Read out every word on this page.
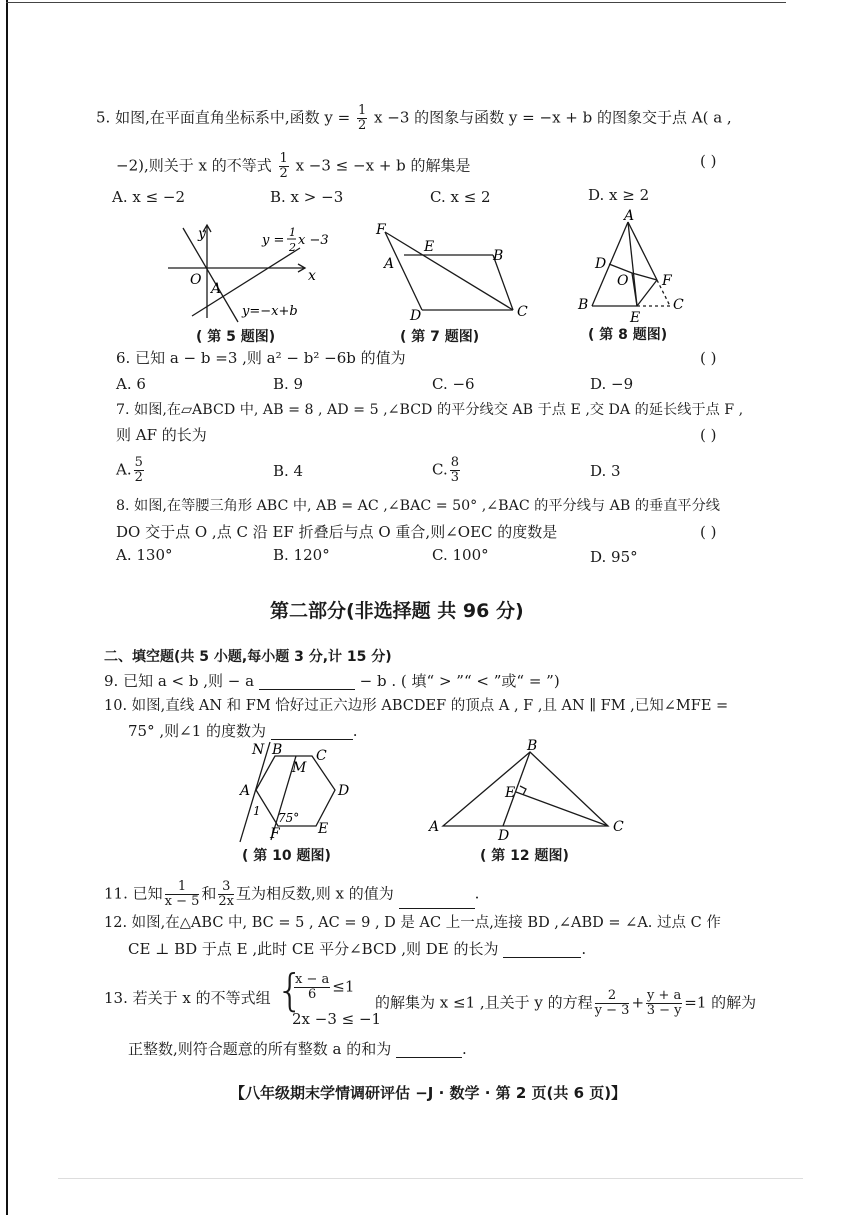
5. 如图,在平面直角坐标系中,函数 $y = \frac{1}{2}$ x −3 的图象与函数 y = −x + b 的图象交于点 A( a ,
−2),则关于 x 的不等式 $\frac{1}{2}$ x −3 ≤ −x + b 的解集是	( )
A. x ≤ −2	B. x > −3	C. x ≤ 2	D. x ≥ 2
y
x
O
A
y =
1
2 x −3
y=−x+b
F
E
A	B
C
D
A
D
O F
B
E
C
( 第 5 题图)	( 第 7 题图)	( 第 8 题图)
6. 已知 a − b =3 ,则 a² − b² −6b 的值为	( )
A. 6	B. 9	C. −6	D. −9
7. 如图,在▱ABCD 中, AB = 8 , AD = 5 ,∠BCD 的平分线交 AB 于点 E ,交 DA 的延长线于点 F ,
则 AF 的长为	( )
A. $\frac{5}{2}$	B. 4	C. $\frac{8}{3}$	D. 3
8. 如图,在等腰三角形 ABC 中, AB = AC ,∠BAC = 50° ,∠BAC 的平分线与 AB 的垂直平分线
DO 交于点 O ,点 C 沿 EF 折叠后与点 O 重合,则∠OEC 的度数是	( )
A. 130°	B. 120°	C. 100°	D. 95°
第二部分(非选择题 共 96 分)
二、填空题(共 5 小题,每小题 3 分,计 15 分)
9. 已知 a < b ,则 − a	− b . ( 填“ > ”“ < ”或“ = ”)
10. 如图,直线 AN 和 FM 恰好过正六边形 ABCDEF 的顶点 A , F ,且 AN ∥ FM ,已知∠MFE =
75° ,则∠1 的度数为	.
N B C
M
A	D
1 75°
F	E
B
E
A
D
C
( 第 10 题图)	( 第 12 题图)
11. 已知 $\frac{1}{x - 5}$ 和 $\frac{3}{2x}$ 互为相反数,则 x 的值为	.
12. 如图,在△ABC 中, BC = 5 , AC = 9 , D 是 AC 上一点,连接 BD ,∠ABD = ∠A. 过点 C 作
CE ⊥ BD 于点 E ,此时 CE 平分∠BCD ,则 DE 的长为	.
13. 若关于 x 的不等式组 {
$\frac{x - a}{6} \le 1$
2x −3 ≤ −1
的解集为 x ≤1 ,且关于 y 的方程 $\frac{2}{y - 3} + \frac{y + a}{3 - y} =1$ 的解为
正整数,则符合题意的所有整数 a 的和为	.
【八年级期末学情调研评估 −J · 数学 · 第 2 页(共 6 页)】
